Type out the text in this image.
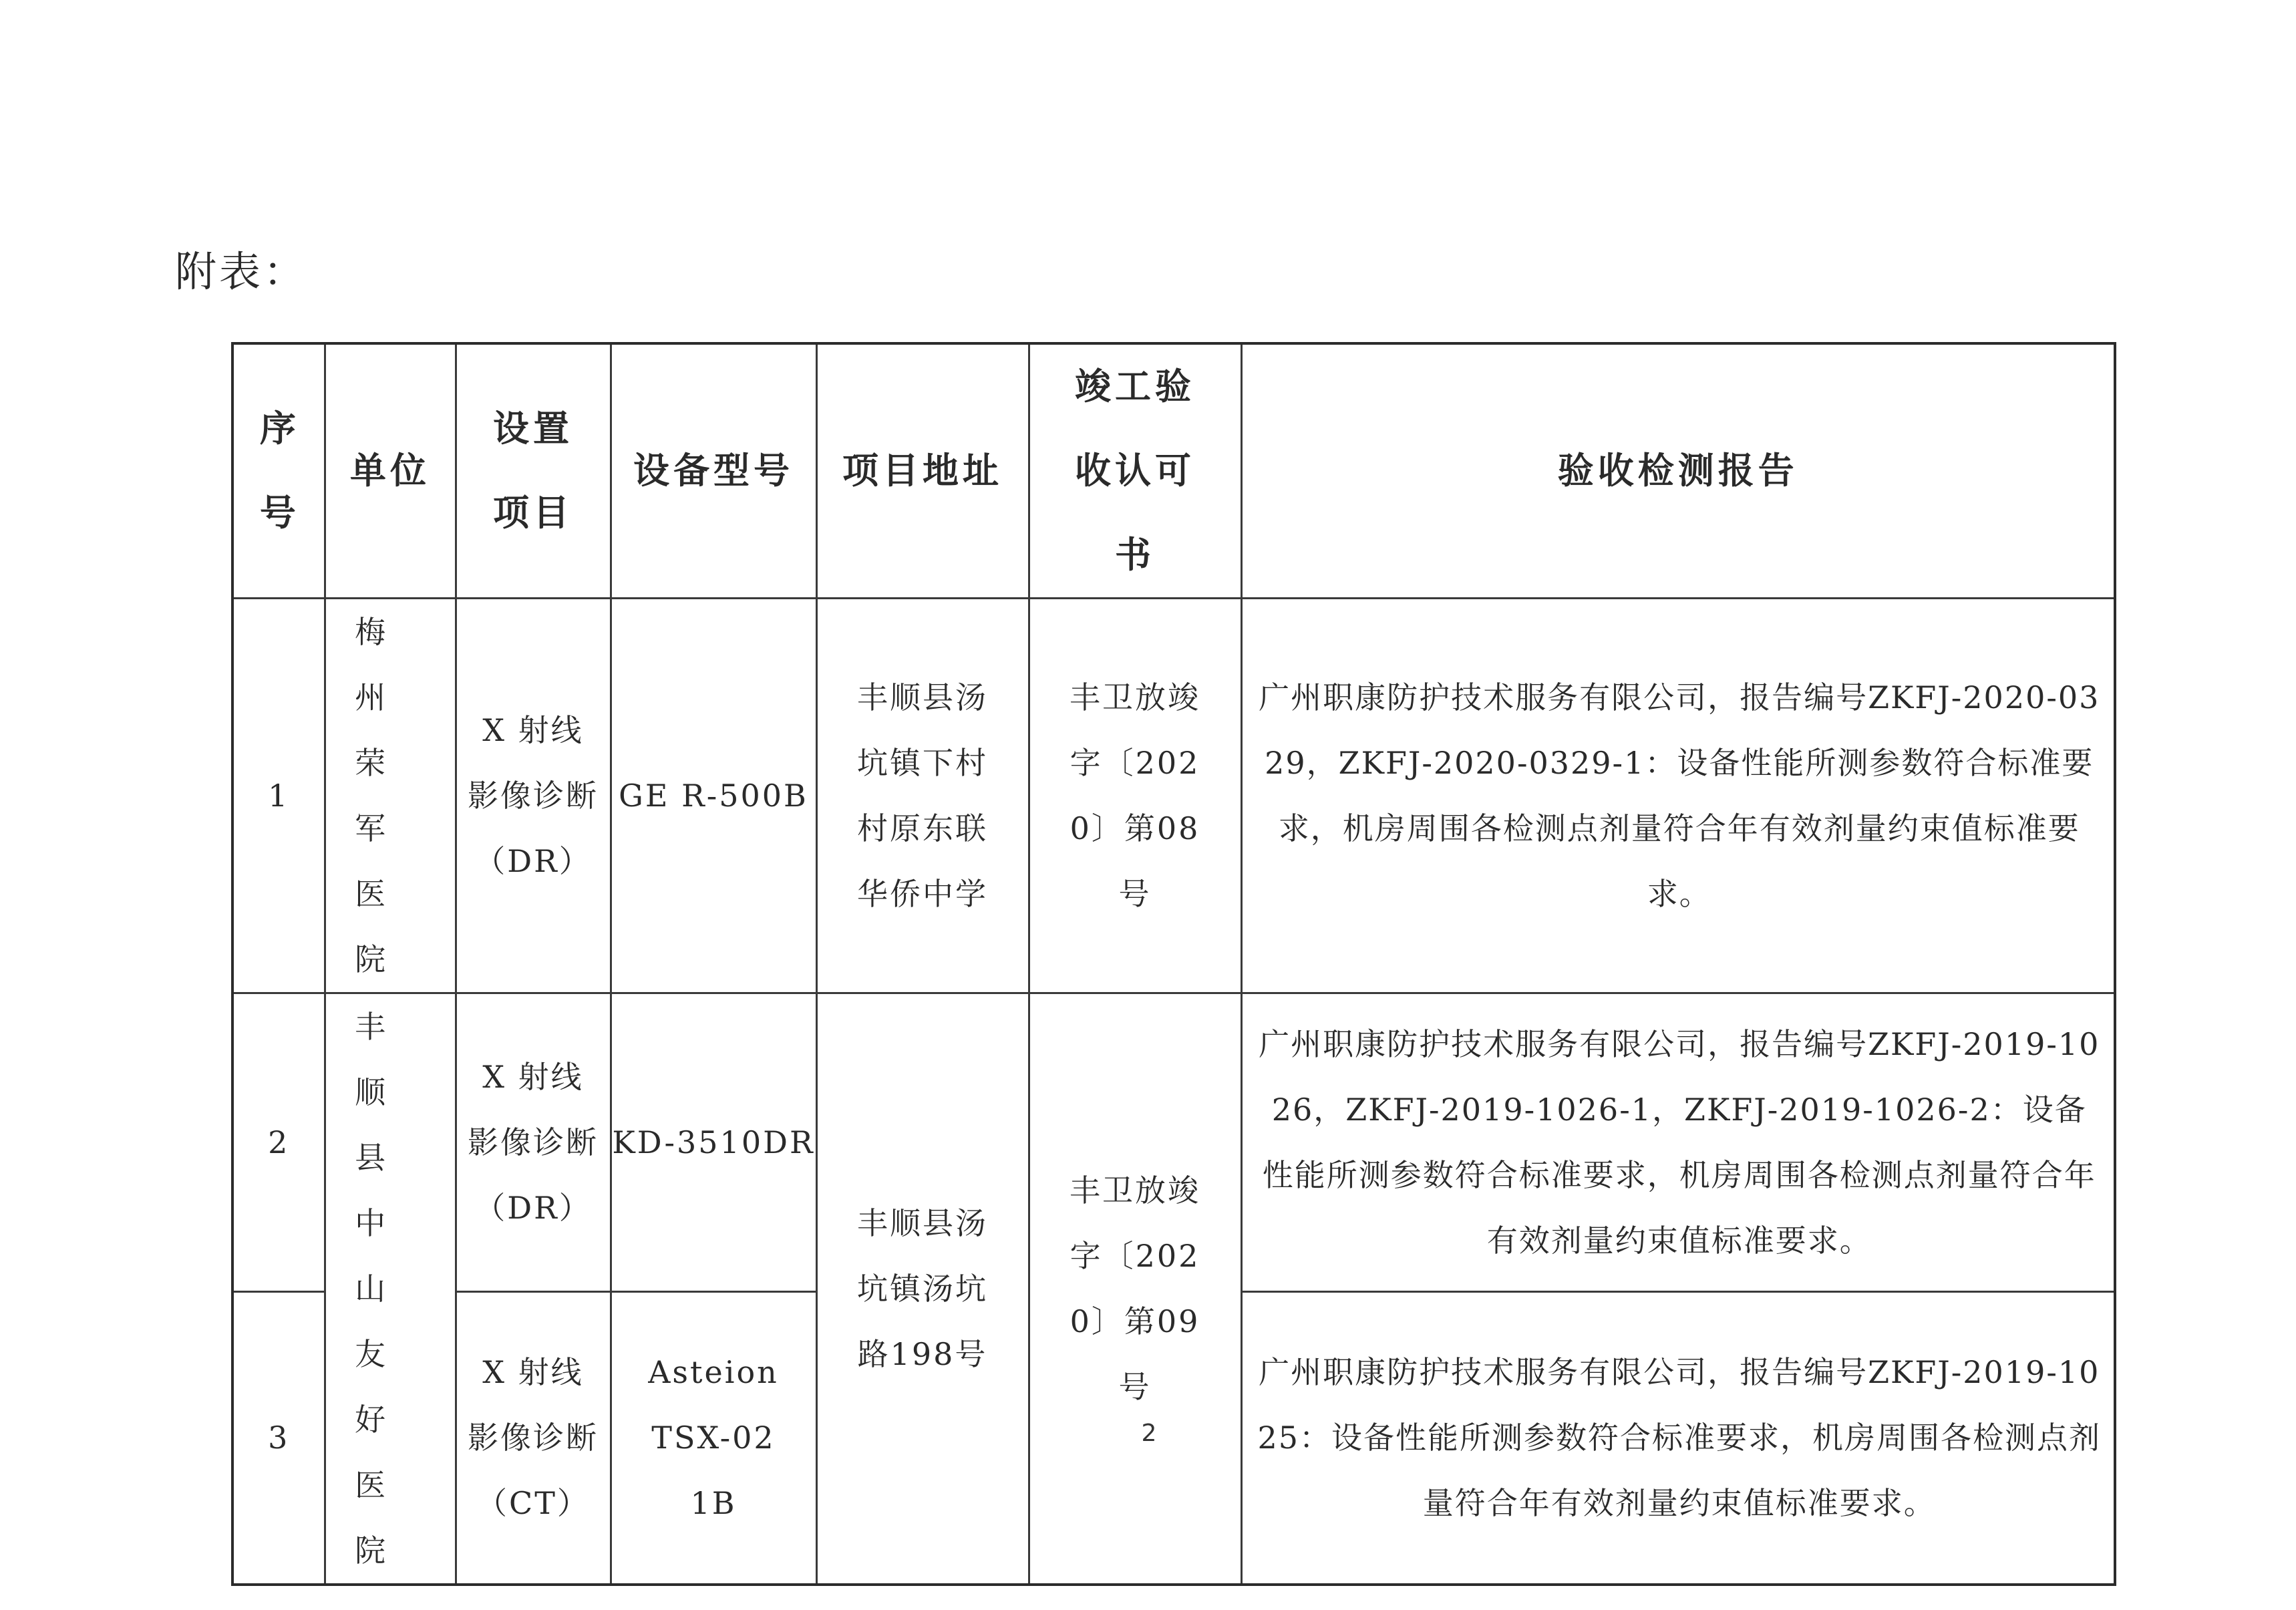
附表：
序号	单位	设置项目	设备型号	项目地址	竣工验收认可书	验收检测报告
1	梅州荣军医院	X 射线影像诊断（DR）	GE R-500B	丰顺县汤坑镇下村村原东联华侨中学	丰卫放竣字〔2020〕第08号	广州职康防护技术服务有限公司，报告编号ZKFJ-2020-0329，ZKFJ-2020-0329-1：设备性能所测参数符合标准要求，机房周围各检测点剂量符合年有效剂量约束值标准要求。

2	丰顺县中山友好医院	X 射线影像诊断（DR）	KD-3510DR	丰顺县汤坑镇汤坑路198号	丰卫放竣字〔2020〕第09号	广州职康防护技术服务有限公司，报告编号ZKFJ-2019-1026，ZKFJ-2019-1026-1，ZKFJ-2019-1026-2：设备性能所测参数符合标准要求，机房周围各检测点剂量符合年有效剂量约束值标准要求。

3		X 射线影像诊断（CT）	Asteion TSX-021B			广州职康防护技术服务有限公司，报告编号ZKFJ-2019-1025：设备性能所测参数符合标准要求，机房周围各检测点剂量符合年有效剂量约束值标准要求。
2
